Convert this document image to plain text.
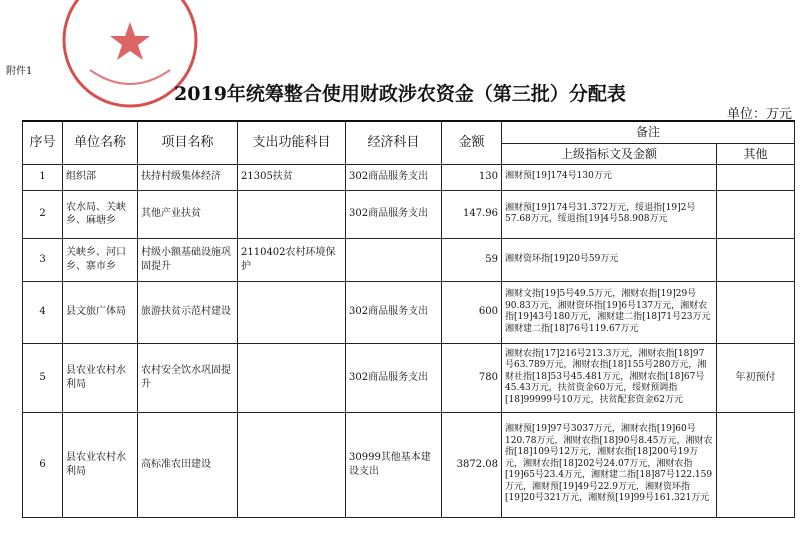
附件1
2019年统筹整合使用财政涉农资金（第三批）分配表
单位：万元
序号	单位名称	项目名称	支出功能科目	经济科目	金额	备注	
						上级指标文及金额	其他
1	组织部	扶持村级集体经济	21305扶贫	302商品服务支出	130	湘财预[19]174号130万元	
2	农水局、关峡乡、麻塘乡	其他产业扶贫		302商品服务支出	147.96	湘财预[19]174号31.372万元，绥退指[19]2号57.68万元，绥退指[19]4号58.908万元	
3	关峡乡、河口乡、寨市乡	村级小额基础设施巩固提升	2110402农村环境保护		59	湘财资环指[19]20号59万元	
4	县文旅广体局	旅游扶贫示范村建设		302商品服务支出	600	湘财文指[19]5号49.5万元，湘财农指[19]29号90.83万元，湘财资环指[19]6号137万元，湘财农指[19]43号180万元，湘财建二指[18]71号23万元湘财建二指[18]76号119.67万元	
5	县农业农村水利局	农村安全饮水巩固提升		302商品服务支出	780	湘财农指[17]216号213.3万元，湘财农指[18]97号63.789万元，湘财农指[18]155号280万元，湘财社指[18]53号45.481万元，湘财农指[18]67号45.43万元，扶贫资金60万元，绥财预调指[18]99999号10万元，扶贫配套资金62万元	年初预付
6	县农业农村水利局	高标准农田建设		30999其他基本建设支出	3872.08	湘财预[19]97号3037万元，湘财农指[19]60号120.78万元，湘财农指[18]90号8.45万元，湘财农指[18]109号12万元，湘财农指[18]200号19万元，湘财农指[18]202号24.07万元，湘财农指[19]65号23.4万元，湘财建二指[18]87号122.159万元，湘财预[19]49号22.9万元，湘财资环指[19]20号321万元，湘财预[19]99号161.321万元	
